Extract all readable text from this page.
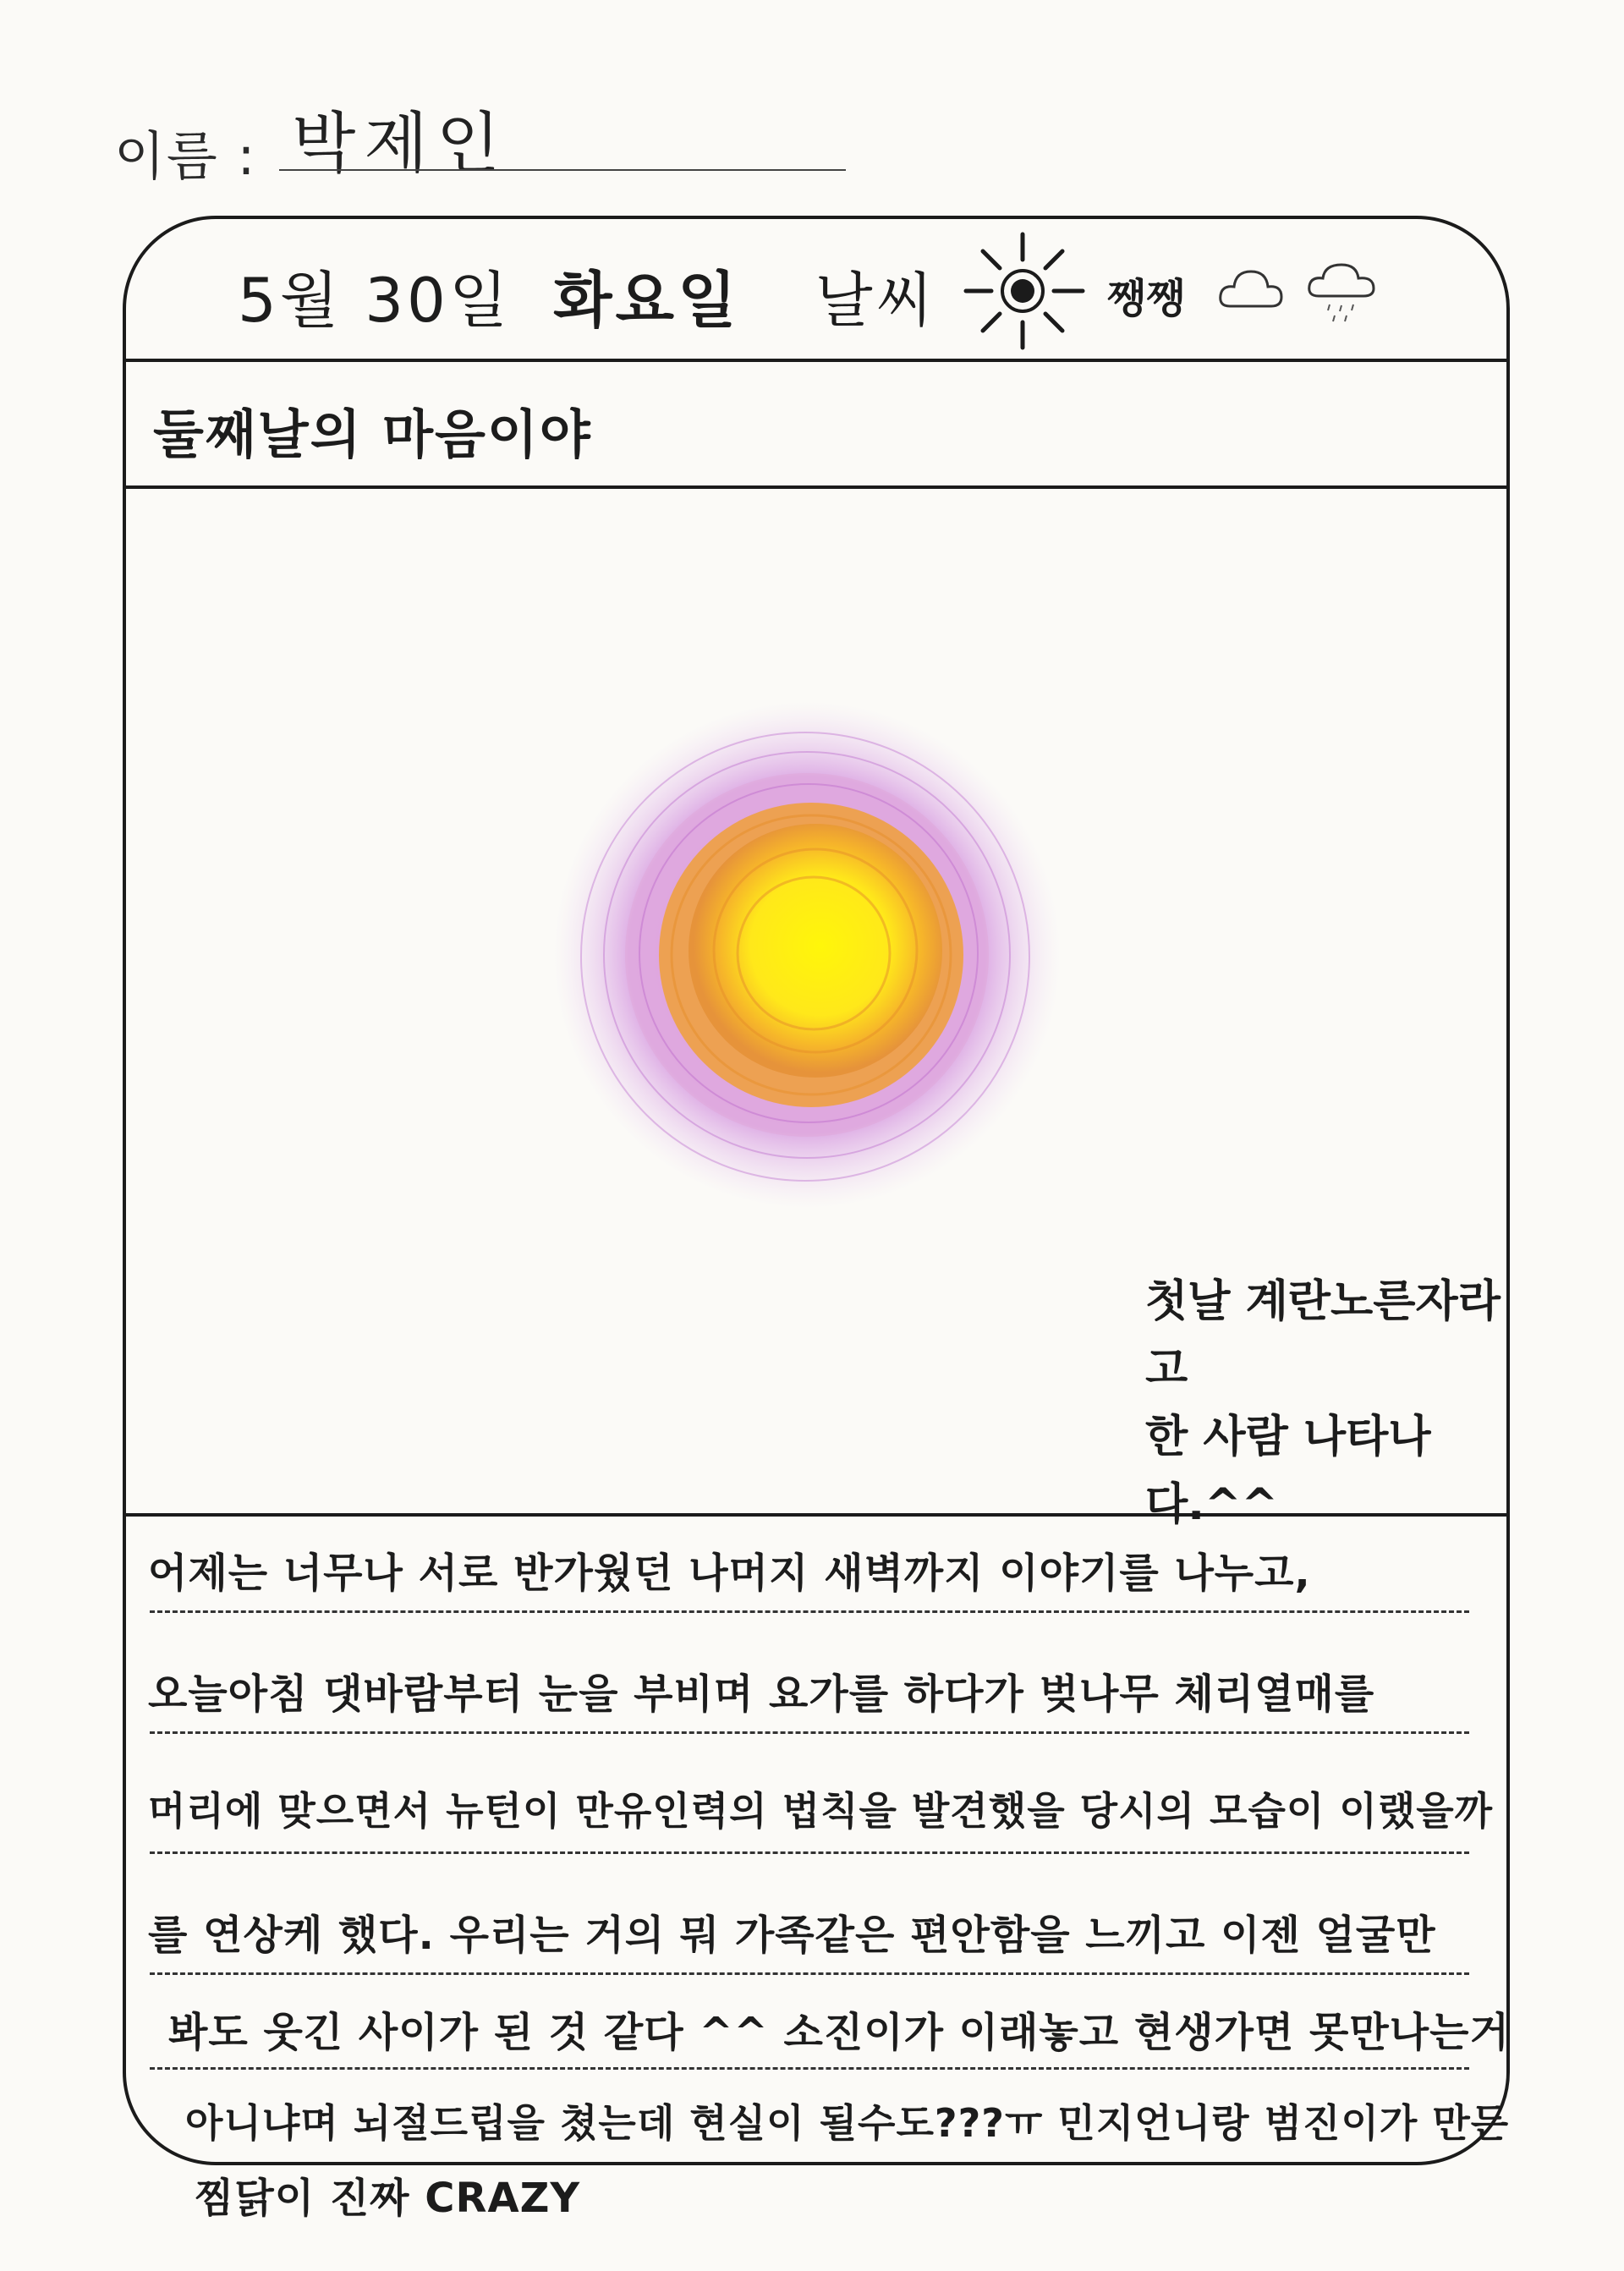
이름 : 박제인
5월 30일 화요일 날씨	쨍쨍
둘째날의 마음이야
첫날 계란노른자라고
한 사람 나타나다.^^
어제는 너무나 서로 반가웠던 나머지 새벽까지 이야기를 나누고,
오늘아침 댓바람부터 눈을 부비며 요가를 하다가 벚나무 체리열매를
머리에 맞으면서 뉴턴이 만유인력의 법칙을 발견했을 당시의 모습이 이랬을까
를 연상케 했다. 우리는 거의 뭐 가족같은 편안함을 느끼고 이젠 얼굴만
봐도 웃긴 사이가 된 것 같다 ^^ 소진이가 이래놓고 현생가면 못만나는거
아니냐며 뇌절드립을 쳤는데 현실이 될수도???ㅠ 민지언니랑 범진이가 만든
찜닭이 진짜 CRAZY
